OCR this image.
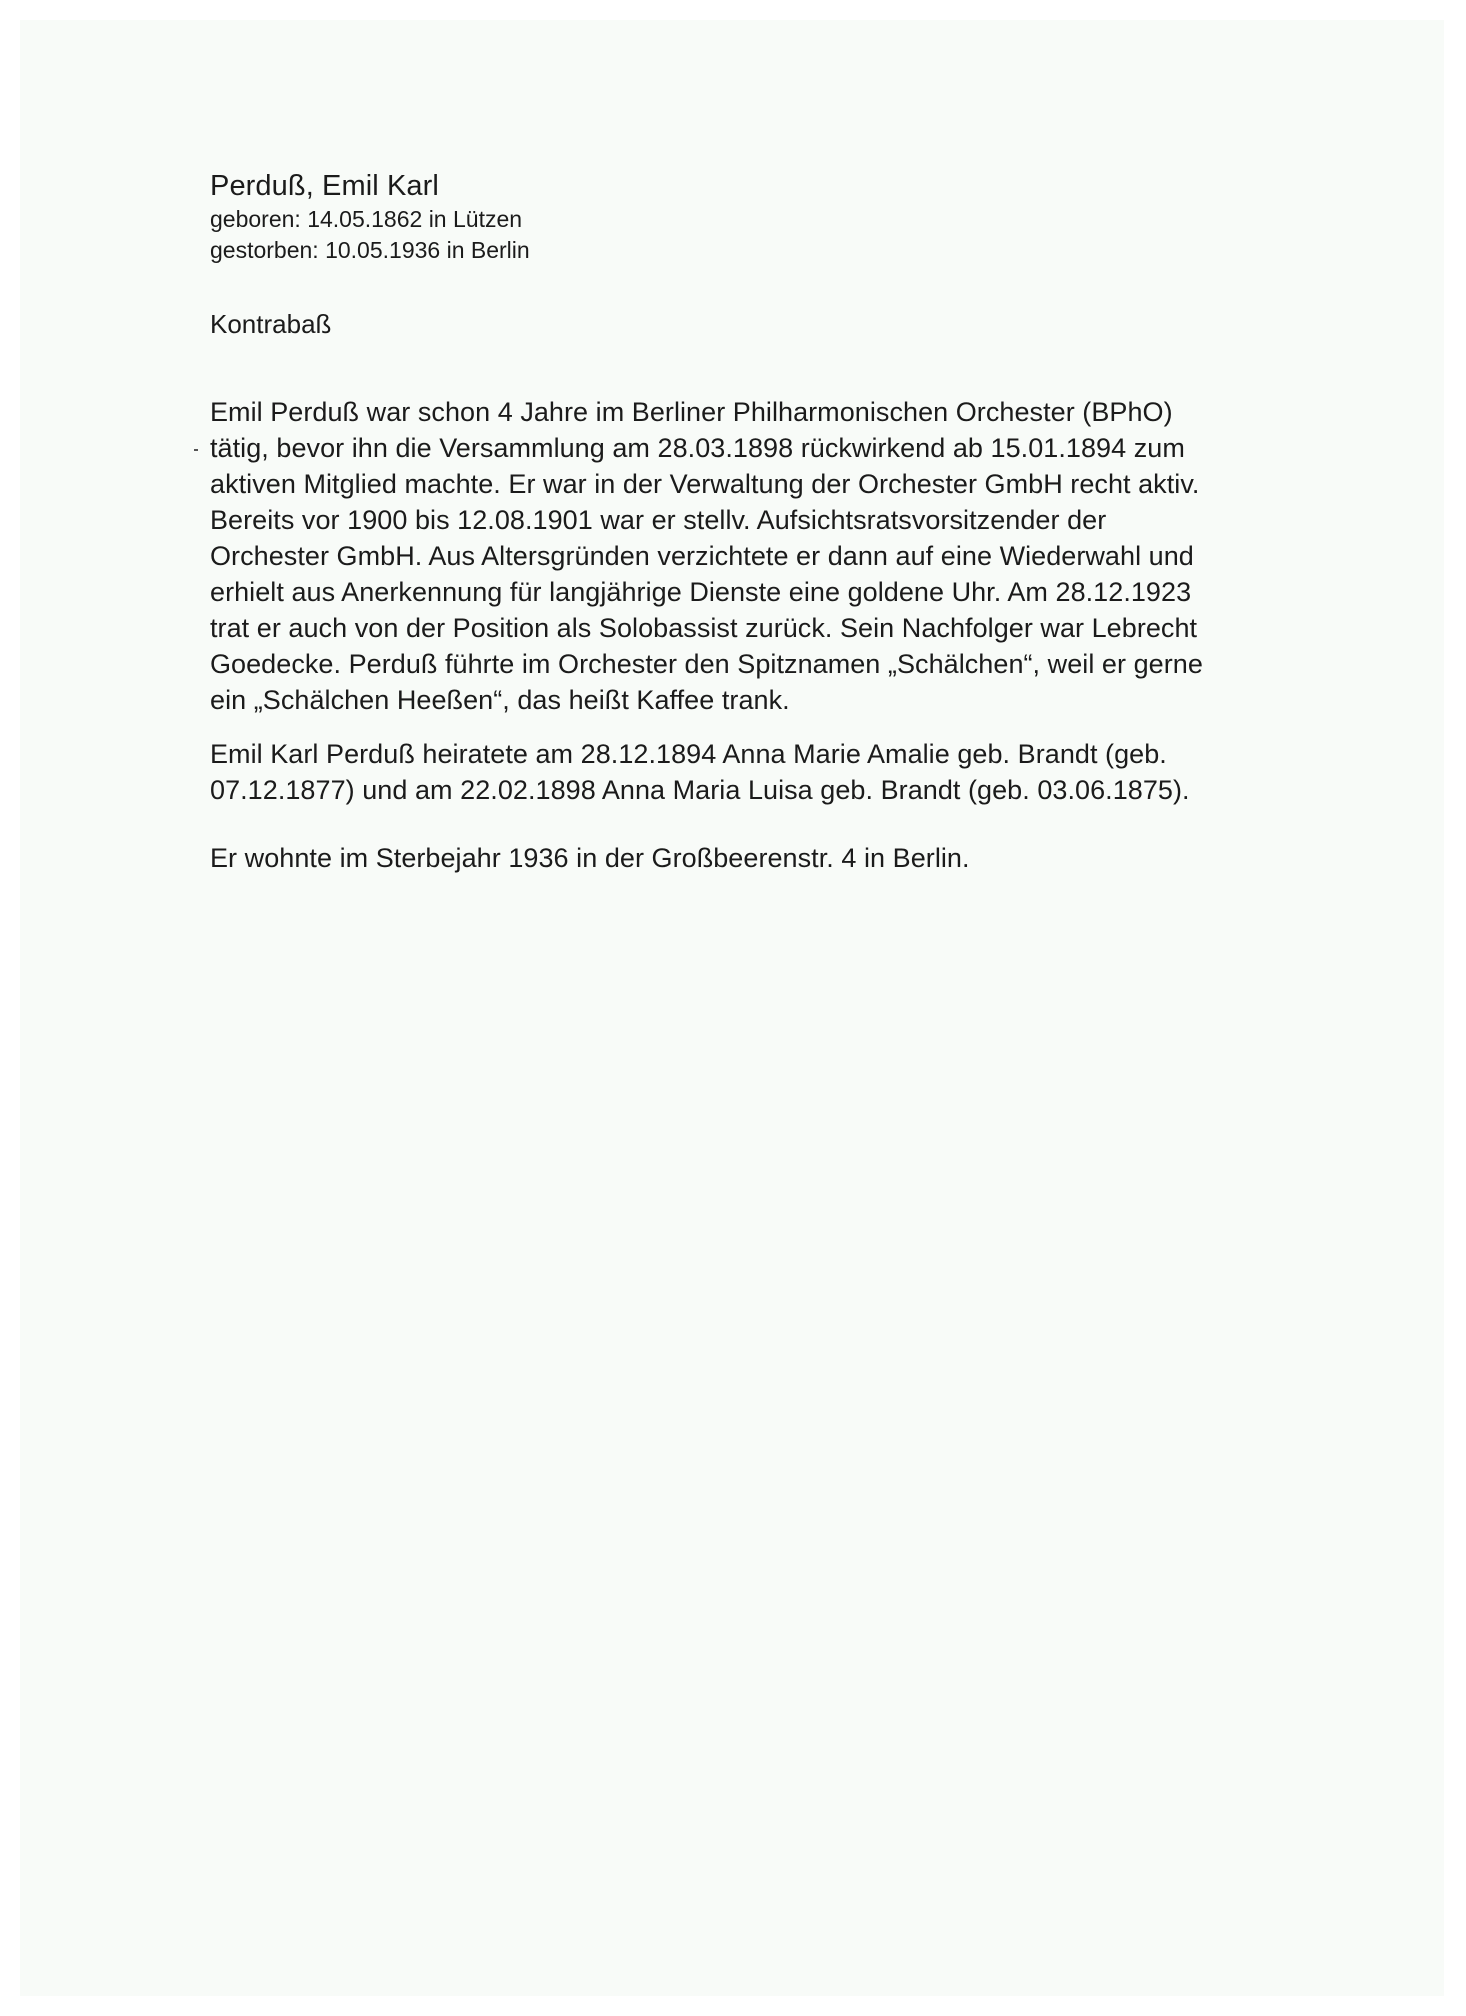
Perduß, Emil Karl

geboren: 14.05.1862 in Lützen

gestorben: 10.05.1936 in Berlin

Kontrabaß

Emil Perduß war schon 4 Jahre im Berliner Philharmonischen Orchester (BPhO)
tätig, bevor ihn die Versammlung am 28.03.1898 rückwirkend ab 15.01.1894 zum
aktiven Mitglied machte. Er war in der Verwaltung der Orchester GmbH recht aktiv.
Bereits vor 1900 bis 12.08.1901 war er stellv. Aufsichtsratsvorsitzender der
Orchester GmbH. Aus Altersgründen verzichtete er dann auf eine Wiederwahl und
erhielt aus Anerkennung für langjährige Dienste eine goldene Uhr. Am 28.12.1923
trat er auch von der Position als Solobassist zurück. Sein Nachfolger war Lebrecht
Goedecke. Perduß führte im Orchester den Spitznamen „Schälchen“, weil er gerne
ein „Schälchen Heeßen“, das heißt Kaffee trank.

Emil Karl Perduß heiratete am 28.12.1894 Anna Marie Amalie geb. Brandt (geb.
07.12.1877) und am 22.02.1898 Anna Maria Luisa geb. Brandt (geb. 03.06.1875).

Er wohnte im Sterbejahr 1936 in der Großbeerenstr. 4 in Berlin.
